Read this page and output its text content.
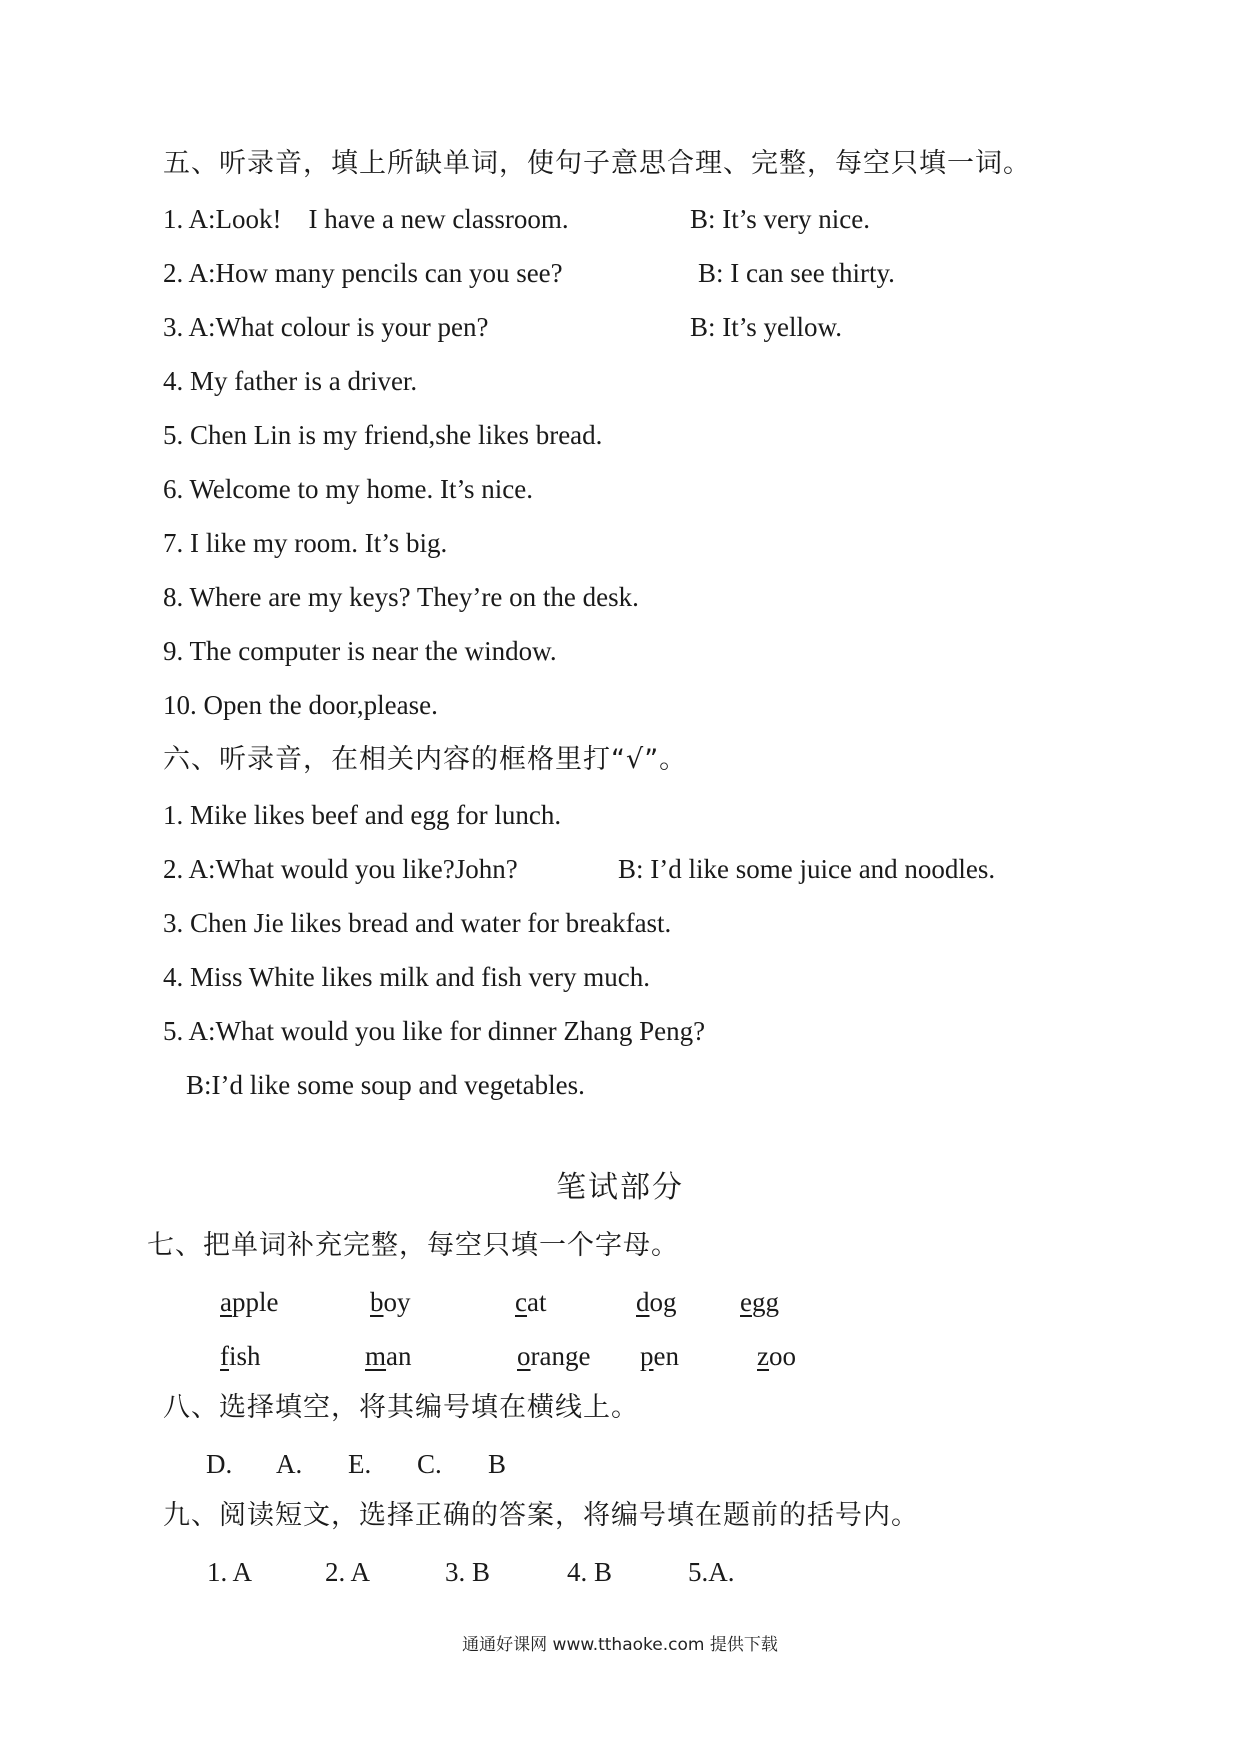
五、听录音，填上所缺单词，使句子意思合理、完整，每空只填一词。
1. A:Look!    I have a new classroom.	B: It’s very nice.
2. A:How many pencils can you see?	B: I can see thirty.
3. A:What colour is your pen?	B: It’s yellow.
4. My father is a driver.
5. Chen Lin is my friend,she likes bread.
6. Welcome to my home. It’s nice.
7. I like my room. It’s big.
8. Where are my keys? They’re on the desk.
9. The computer is near the window.
10. Open the door,please.
六、听录音，在相关内容的框格里打“√”。
1. Mike likes beef and egg for lunch.
2. A:What would you like?John?	B: I’d like some juice and noodles.
3. Chen Jie likes bread and water for breakfast.
4. Miss White likes milk and fish very much.
5. A:What would you like for dinner Zhang Peng?
B:I’d like some soup and vegetables.
笔试部分
七、把单词补充完整，每空只填一个字母。
apple	boy	cat	dog egg
fish	man	orange pen	zoo
八、选择填空，将其编号填在横线上。
D. A. E. C. B
九、阅读短文，选择正确的答案，将编号填在题前的括号内。
1. A	2. A	3. B	4. B	5.A.
通通好课网 www.tthaoke.com 提供下载
